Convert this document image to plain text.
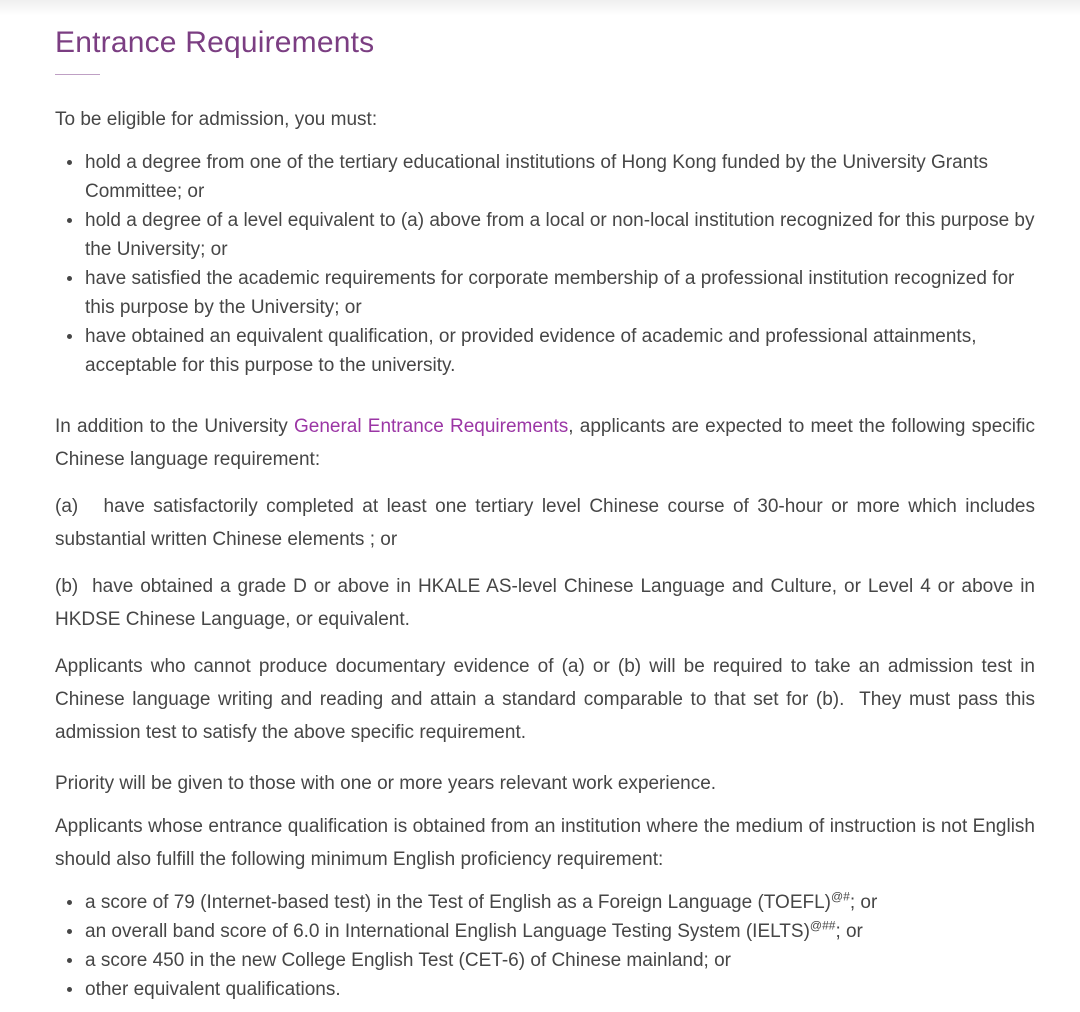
Entrance Requirements

To be eligible for admission, you must:

hold a degree from one of the tertiary educational institutions of Hong Kong funded by the University Grants Committee; or
hold a degree of a level equivalent to (a) above from a local or non-local institution recognized for this purpose by the University; or
have satisfied the academic requirements for corporate membership of a professional institution recognized for this purpose by the University; or
have obtained an equivalent qualification, or provided evidence of academic and professional attainments, acceptable for this purpose to the university.

In addition to the University General Entrance Requirements, applicants are expected to meet the following specific Chinese language requirement:

(a)   have satisfactorily completed at least one tertiary level Chinese course of 30-hour or more which includes substantial written Chinese elements ; or

(b)  have obtained a grade D or above in HKALE AS-level Chinese Language and Culture, or Level 4 or above in HKDSE Chinese Language, or equivalent.

Applicants who cannot produce documentary evidence of (a) or (b) will be required to take an admission test in Chinese language writing and reading and attain a standard comparable to that set for (b).  They must pass this admission test to satisfy the above specific requirement.

Priority will be given to those with one or more years relevant work experience.

Applicants whose entrance qualification is obtained from an institution where the medium of instruction is not English should also fulfill the following minimum English proficiency requirement:

a score of 79 (Internet-based test) in the Test of English as a Foreign Language (TOEFL)@#; or
an overall band score of 6.0 in International English Language Testing System (IELTS)@##; or
a score 450 in the new College English Test (CET-6) of Chinese mainland; or
other equivalent qualifications.
